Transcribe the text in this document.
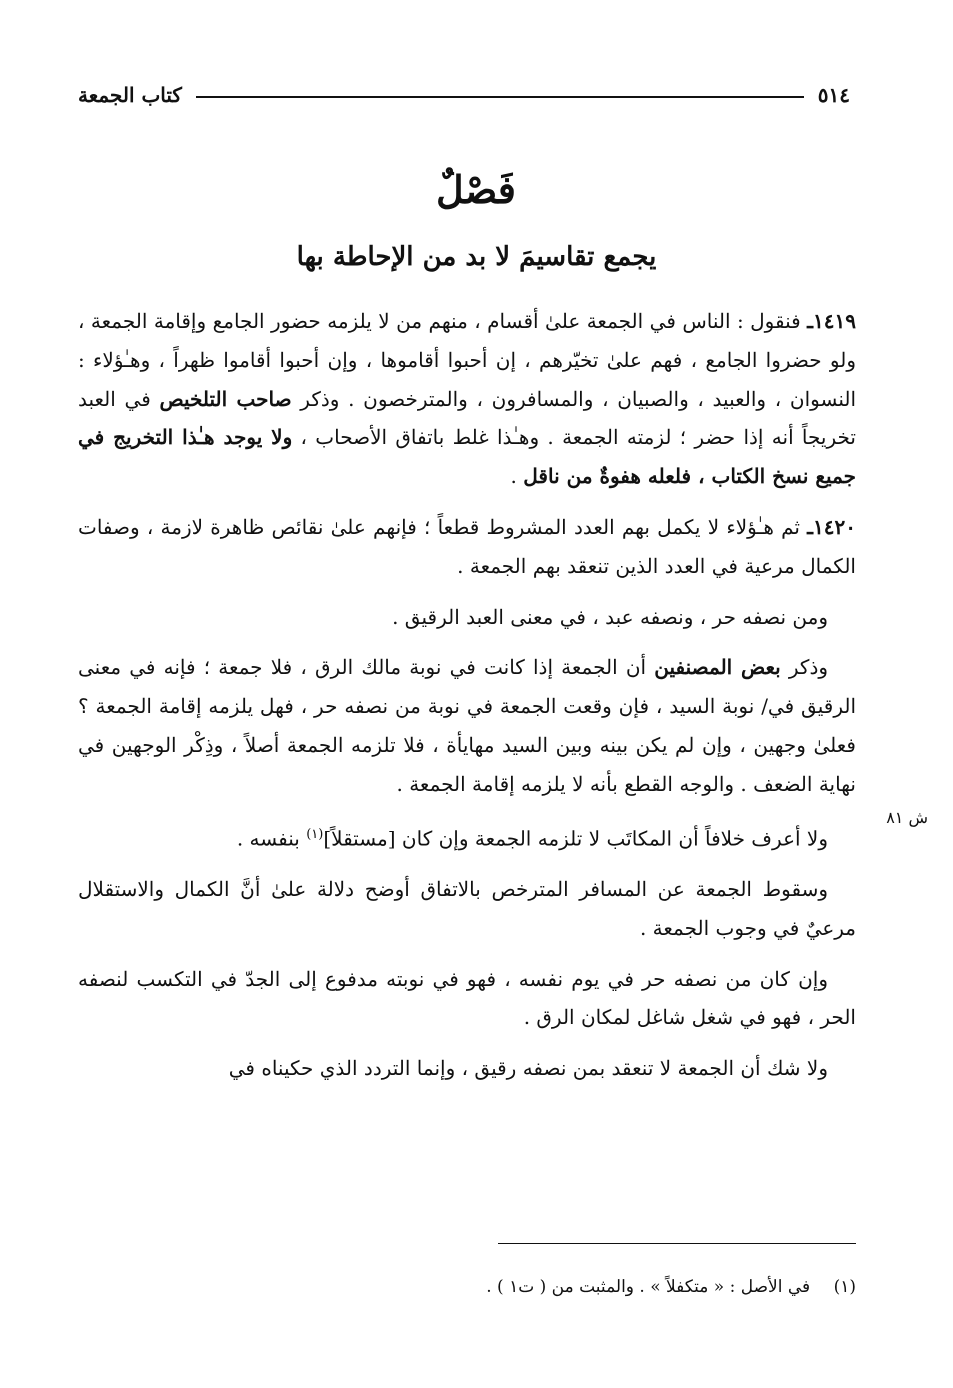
٥١٤
كتاب الجمعة
فَصْلٌ
يجمع تقاسيمَ لا بد من الإحاطة بها
ش ٨١

١٤١٩ـ فنقول : الناس في الجمعة علىٰ أقسام ، منهم من لا يلزمه حضور الجامع وإقامة الجمعة ، ولو حضروا الجامع ، فهم علىٰ تخيّرهم ، إن أحبوا أقاموها ، وإن أحبوا أقاموا ظهراً ، وهـٰؤلاء : النسوان ، والعبيد ، والصبيان ، والمسافرون ، والمترخصون . وذكر صاحب التلخيص في العبد تخريجاً أنه إذا حضر ؛ لزمته الجمعة . وهـٰذا غلط باتفاق الأصحاب ، ولا يوجد هـٰذا التخريج في جميع نسخ الكتاب ، فلعله هفوةٌ من ناقل .

١٤٢٠ـ ثم هـٰؤلاء لا يكمل بهم العدد المشروط قطعاً ؛ فإنهم علىٰ نقائص ظاهرة لازمة ، وصفات الكمال مرعية في العدد الذين تنعقد بهم الجمعة .

ومن نصفه حر ، ونصفه عبد ، في معنى العبد الرقيق .

وذكر بعض المصنفين أن الجمعة إذا كانت في نوبة مالك الرق ، فلا جمعة ؛ فإنه في معنى الرقيق في/ نوبة السيد ، فإن وقعت الجمعة في نوبة من نصفه حر ، فهل يلزمه إقامة الجمعة ؟ فعلىٰ وجهين ، وإن لم يكن بينه وبين السيد مهايأة ، فلا تلزمه الجمعة أصلاً ، وذِكْر الوجهين في نهاية الضعف . والوجه القطع بأنه لا يلزمه إقامة الجمعة .

ولا أعرف خلافاً أن المكاتَب لا تلزمه الجمعة وإن كان [مستقلاً]$^{(١)}$ بنفسه .

وسقوط الجمعة عن المسافر المترخص بالاتفاق أوضح دلالة علىٰ أنَّ الكمال والاستقلال مرعيٌ في وجوب الجمعة .

وإن كان من نصفه حر في يوم نفسه ، فهو في نوبته مدفوع إلى الجدّ في التكسب لنصفه الحر ، فهو في شغل شاغل لمكان الرق .

ولا شك أن الجمعة لا تنعقد بمن نصفه رقيق ، وإنما التردد الذي حكيناه في

(١) في الأصل : « متكفلاً » . والمثبت من ( ت١ ) .
